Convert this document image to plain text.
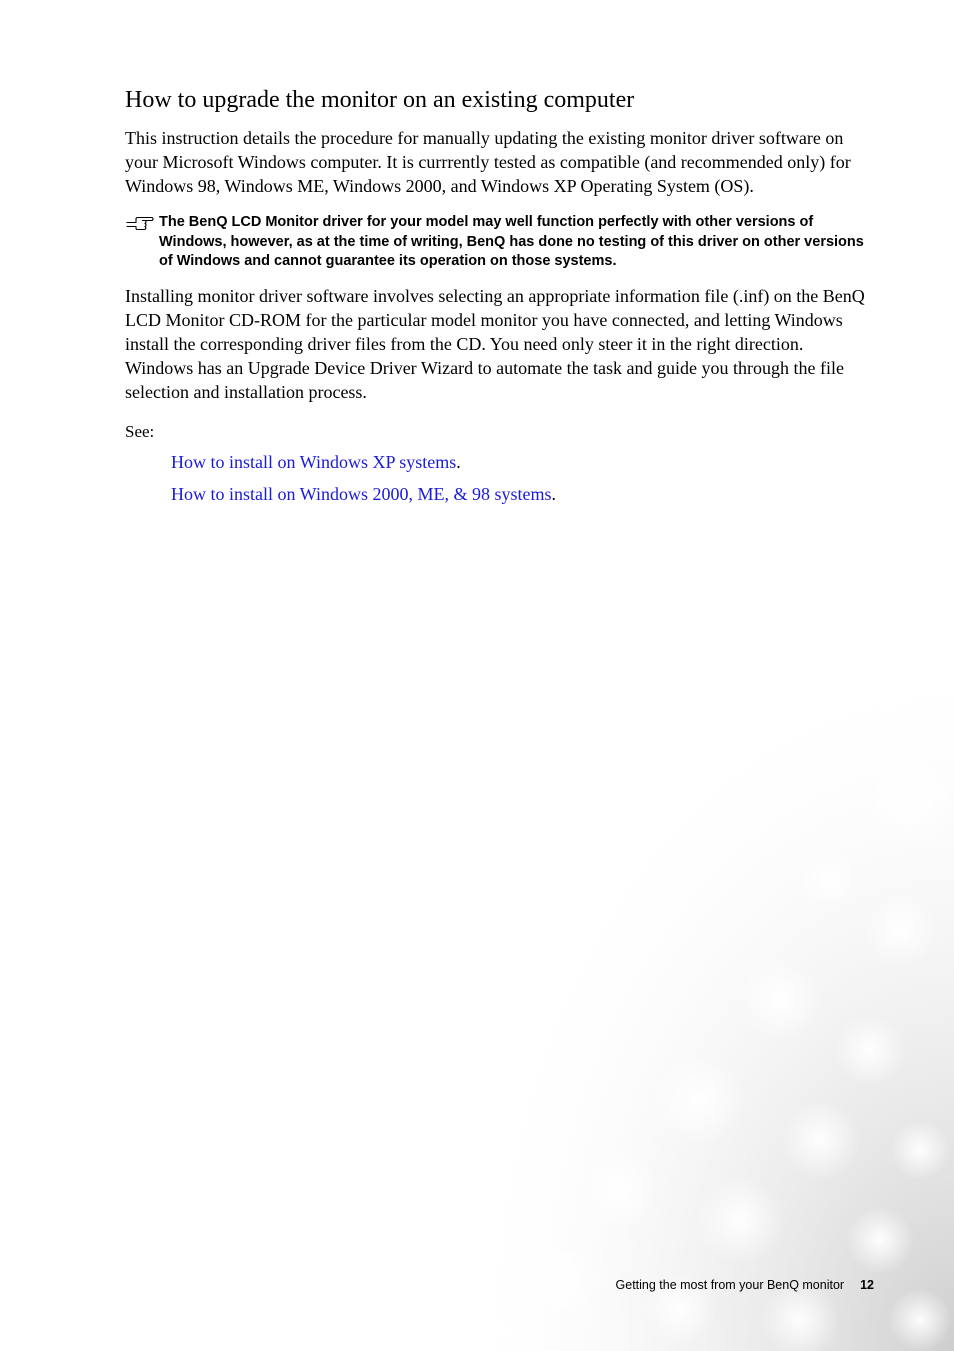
How to upgrade the monitor on an existing computer

This instruction details the procedure for manually updating the existing monitor driver software on your Microsoft Windows computer. It is currrently tested as compatible (and recommended only) for Windows 98, Windows ME, Windows 2000, and Windows XP Operating System (OS).

The BenQ LCD Monitor driver for your model may well function perfectly with other versions of Windows, however, as at the time of writing, BenQ has done no testing of this driver on other versions of Windows and cannot guarantee its operation on those systems.

Installing monitor driver software involves selecting an appropriate information file (.inf) on the BenQ LCD Monitor CD-ROM for the particular model monitor you have connected, and letting Windows install the corresponding driver files from the CD. You need only steer it in the right direction. Windows has an Upgrade Device Driver Wizard to automate the task and guide you through the file selection and installation process.

See:

How to install on Windows XP systems.

How to install on Windows 2000, ME, & 98 systems.

Getting the most from your BenQ monitor 12
